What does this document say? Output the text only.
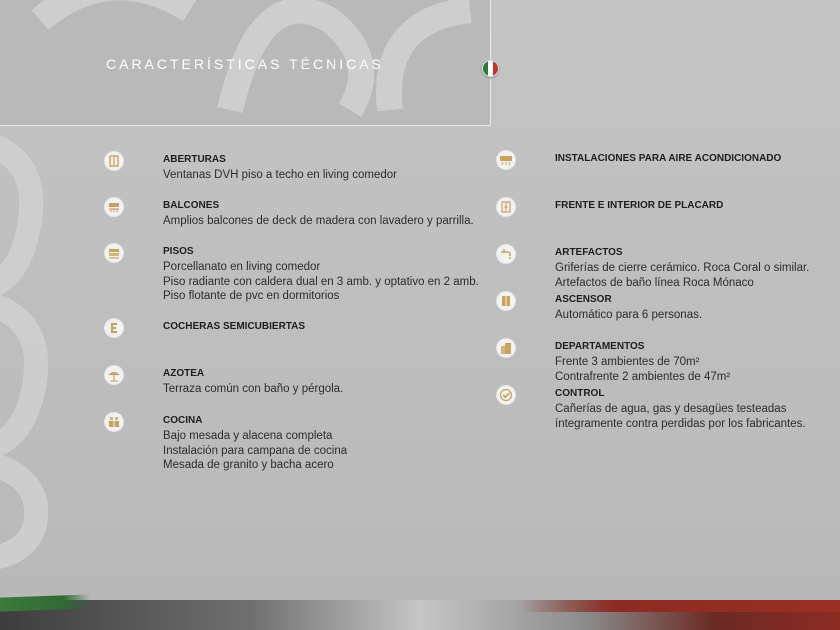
CARACTERÍSTICAS TÉCNICAS
ABERTURAS
Ventanas DVH piso a techo en living comedor
BALCONES
Amplios balcones de deck de madera con lavadero y parrilla.
PISOS
Porcellanato en living comedor
Piso radiante con caldera dual en 3 amb. y optativo en 2 amb.
Piso flotante de pvc en dormitorios
COCHERAS SEMICUBIERTAS
AZOTEA
Terraza común con baño y pérgola.
COCINA
Bajo mesada y alacena completa
Instalación para campana de cocina
Mesada de granito y bacha acero
INSTALACIONES PARA AIRE ACONDICIONADO
FRENTE E INTERIOR DE PLACARD
ARTEFACTOS
Griferías de cierre cerámico. Roca Coral o similar.
Artefactos de baño línea Roca Mónaco
ASCENSOR
Automático para 6 personas.
DEPARTAMENTOS
Frente 3 ambientes de 70m²
Contrafrente 2 ambientes de 47m²
CONTROL
Cañerías de agua, gas y desagües testeadas
íntegramente contra perdidas por los fabricantes.
